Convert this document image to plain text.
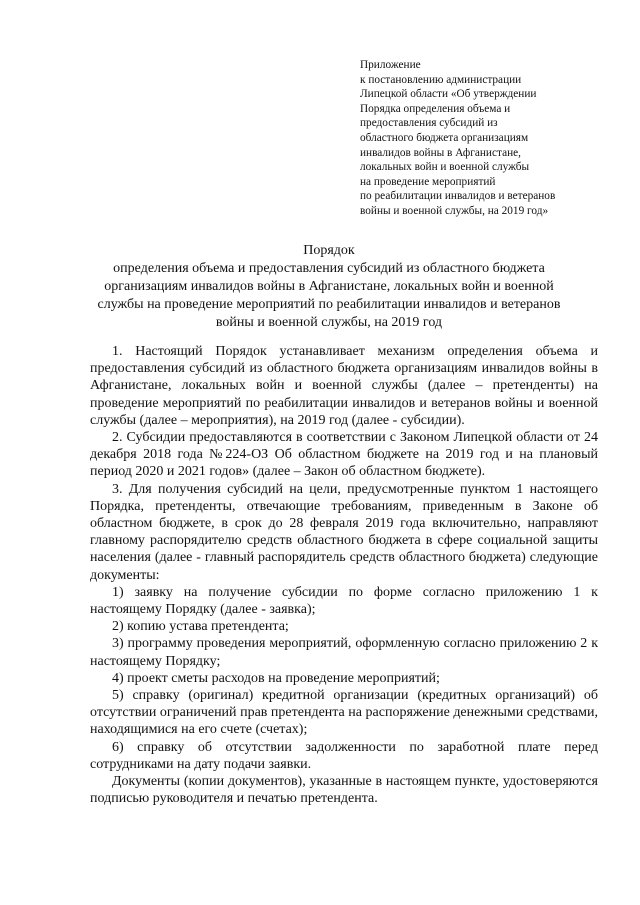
Приложение
к постановлению администрации
Липецкой области «Об утверждении
Порядка определения объема и
предоставления субсидий из
областного бюджета организациям
инвалидов войны в Афганистане,
локальных войн и военной службы
на проведение мероприятий
по реабилитации инвалидов и ветеранов
войны и военной службы, на 2019 год»
Порядок
определения объема и предоставления субсидий из областного бюджета
организациям инвалидов войны в Афганистане, локальных войн и военной
службы на проведение мероприятий по реабилитации инвалидов и ветеранов
войны и военной службы, на 2019 год

1. Настоящий Порядок устанавливает механизм определения объема и предоставления субсидий из областного бюджета организациям инвалидов войны в Афганистане, локальных войн и военной службы (далее – претенденты) на проведение мероприятий по реабилитации инвалидов и ветеранов войны и военной службы (далее – мероприятия), на 2019 год (далее - субсидии).

2. Субсидии предоставляются в соответствии с Законом Липецкой области от 24 декабря 2018 года №224-ОЗ Об областном бюджете на 2019 год и на плановый период 2020 и 2021 годов» (далее – Закон об областном бюджете).

3. Для получения субсидий на цели, предусмотренные пунктом 1 настоящего Порядка, претенденты, отвечающие требованиям, приведенным в Законе об областном бюджете, в срок до 28 февраля 2019 года включительно, направляют главному распорядителю средств областного бюджета в сфере социальной защиты населения (далее - главный распорядитель средств областного бюджета) следующие документы:

1) заявку на получение субсидии по форме согласно приложению 1 к настоящему Порядку (далее - заявка);

2) копию устава претендента;

3) программу проведения мероприятий, оформленную согласно приложению 2 к настоящему Порядку;

4) проект сметы расходов на проведение мероприятий;

5) справку (оригинал) кредитной организации (кредитных организаций) об отсутствии ограничений прав претендента на распоряжение денежными средствами, находящимися на его счете (счетах);

6) справку об отсутствии задолженности по заработной плате перед сотрудниками на дату подачи заявки.

Документы (копии документов), указанные в настоящем пункте, удостоверяются подписью руководителя и печатью претендента.
